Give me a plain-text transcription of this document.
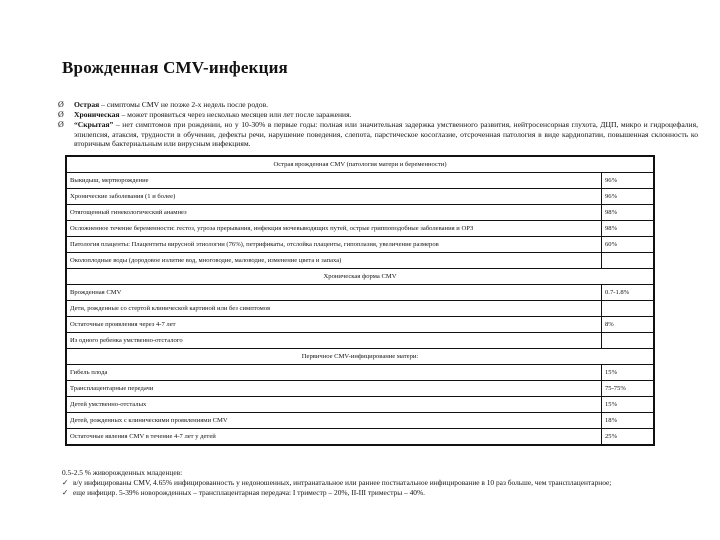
Врожденная CMV-инфекция
Ø	Острая – симптомы CMV не позже 2-х недель после родов.
Ø	Хроническая – может проявиться через несколько месяцев или лет после заражения.
Ø	“Скрытая” – нет симптомов при рождении, но у 10-30% в первые годы: полная или значительная задержка умственного развития, нейтросенсорная глухота, ДЦП, микро и гидроцефалия, эпилепсия, атаксия, трудности в обучении, дефекты речи, нарушение поведения, слепота, парстическое косоглазие, отсроченная патология в виде кардиопатии, повышенная склонность ко вторичным бактериальным или вирусным инфекциям.
Острая врожденная CMV (патология матери и беременности)	
Выкидыш, мертворождение	96%
Хронические заболевания (1 и более)	96%
Отягощенный гинекологический анамнез	98%
Осложненное течение беременности: гестоз, угроза прерывания, инфекция мочевыводящих путей, острые гриппоподобные заболевания и ОРЗ	98%
Патология плаценты: Плацентиты вирусной этиологии (76%), петрификаты, отслойка плаценты, гипоплазия, увеличение размеров	60%
Околоплодные воды (дородовое излитие вод, многоводие, маловодие, изменение цвета и запаха)	
Хроническая форма CMV	
Врожденная CMV	0.7-1.8%
Дети, рожденные со стертой клинической картиной или без симптомов	
Остаточные проявления через 4-7 лет	8%
Из одного ребенка умственно-отсталого	
Первичное CMV-инфицирование матери:	
Гибель плода	15%
Трансплацентарные передачи	75-75%
Детей умственно-отсталых	15%
Детей, рожденных с клиническими проявлениями CMV	18%
Остаточные явления CMV в течение 4-7 лет у детей	25%
0.5-2.5 % живорожденных младенцев:
✓ в/у инфицированы CMV, 4.65% инфицированность у недоношенных, интранатальное или раннее постнатальное инфицирование в 10 раз больше, чем трансплацентарное;
✓ еще инфицир. 5-39% новорожденных – трансплацентарная передача: I триместр – 20%, II-III триместры – 40%.
